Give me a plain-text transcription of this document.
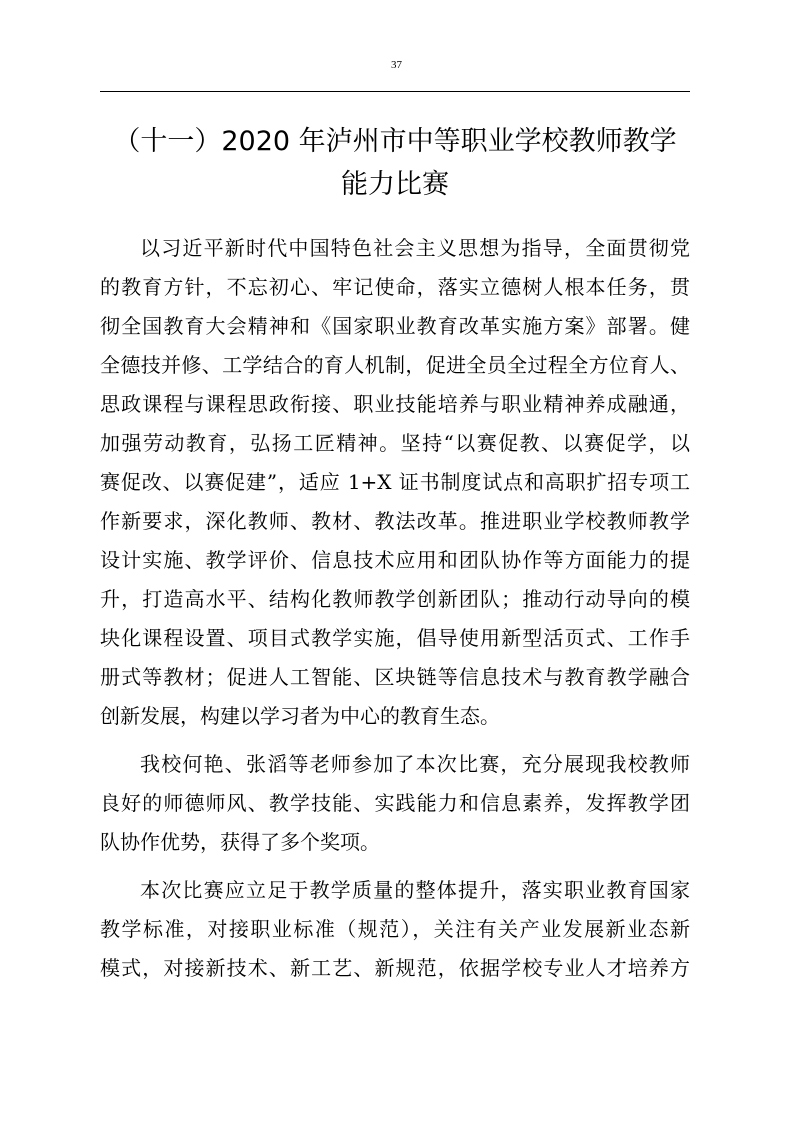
37
（十一）2020 年泸州市中等职业学校教师教学
能力比赛
以习近平新时代中国特色社会主义思想为指导，全面贯彻党
的教育方针，不忘初心、牢记使命，落实立德树人根本任务，贯
彻全国教育大会精神和《国家职业教育改革实施方案》部署。健
全德技并修、工学结合的育人机制，促进全员全过程全方位育人、
思政课程与课程思政衔接、职业技能培养与职业精神养成融通，
加强劳动教育，弘扬工匠精神。坚持“以赛促教、以赛促学，以
赛促改、以赛促建”，适应 1+X 证书制度试点和高职扩招专项工
作新要求，深化教师、教材、教法改革。推进职业学校教师教学
设计实施、教学评价、信息技术应用和团队协作等方面能力的提
升，打造高水平、结构化教师教学创新团队；推动行动导向的模
块化课程设置、项目式教学实施，倡导使用新型活页式、工作手
册式等教材；促进人工智能、区块链等信息技术与教育教学融合
创新发展，构建以学习者为中心的教育生态。
我校何艳、张滔等老师参加了本次比赛，充分展现我校教师
良好的师德师风、教学技能、实践能力和信息素养，发挥教学团
队协作优势，获得了多个奖项。
本次比赛应立足于教学质量的整体提升，落实职业教育国家
教学标准，对接职业标准（规范），关注有关产业发展新业态新
模式，对接新技术、新工艺、新规范，依据学校专业人才培养方
